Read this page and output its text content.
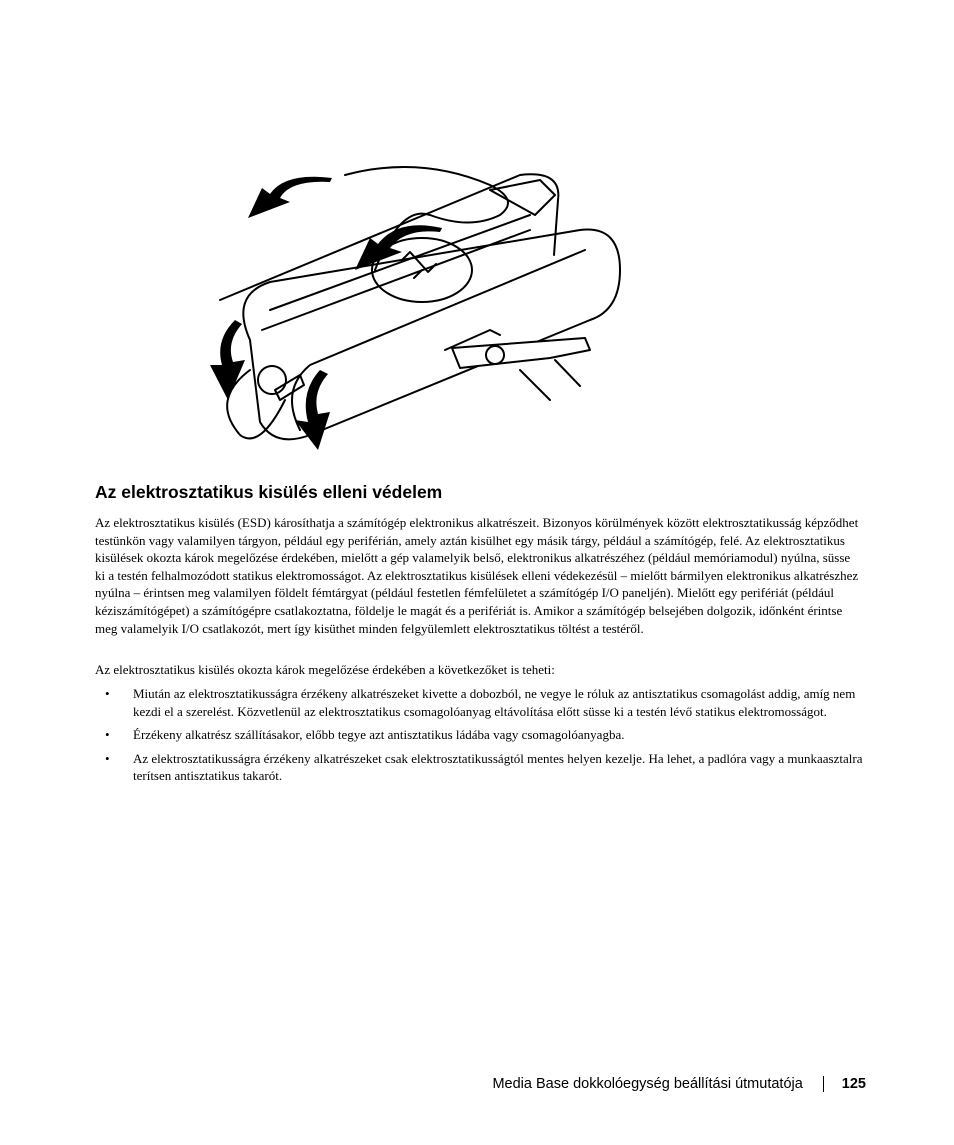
Az elektrosztatikus kisülés elleni védelem

Az elektrosztatikus kisülés (ESD) károsíthatja a számítógép elektronikus alkatrészeit. Bizonyos körülmények között elektrosztatikusság képződhet testünkön vagy valamilyen tárgyon, például egy periférián, amely aztán kisülhet egy másik tárgy, például a számítógép, felé. Az elektrosztatikus kisülések okozta károk megelőzése érdekében, mielőtt a gép valamelyik belső, elektronikus alkatrészéhez (például memóriamodul) nyúlna, süsse ki a testén felhalmozódott statikus elektromosságot. Az elektrosztatikus kisülések elleni védekezésül – mielőtt bármilyen elektronikus alkatrészhez nyúlna – érintsen meg valamilyen földelt fémtárgyat (például festetlen fémfelületet a számítógép I/O paneljén). Mielőtt egy perifériát (például kéziszámítógépet) a számítógépre csatlakoztatna, földelje le magát és a perifériát is. Amikor a számítógép belsejében dolgozik, időnként érintse meg valamelyik I/O csatlakozót, mert így kisüthet minden felgyülemlett elektrosztatikus töltést a testéről.

Az elektrosztatikus kisülés okozta károk megelőzése érdekében a következőket is teheti:

• Miután az elektrosztatikusságra érzékeny alkatrészeket kivette a dobozból, ne vegye le róluk az antisztatikus csomagolást addig, amíg nem kezdi el a szerelést. Közvetlenül az elektrosztatikus csomagolóanyag eltávolítása előtt süsse ki a testén lévő statikus elektromosságot.
• Érzékeny alkatrész szállításakor, előbb tegye azt antisztatikus ládába vagy csomagolóanyagba.
• Az elektrosztatikusságra érzékeny alkatrészeket csak elektrosztatikusságtól mentes helyen kezelje. Ha lehet, a padlóra vagy a munkaasztalra terítsen antisztatikus takarót.
Media Base dokkolóegység beállítási útmutatója	125
